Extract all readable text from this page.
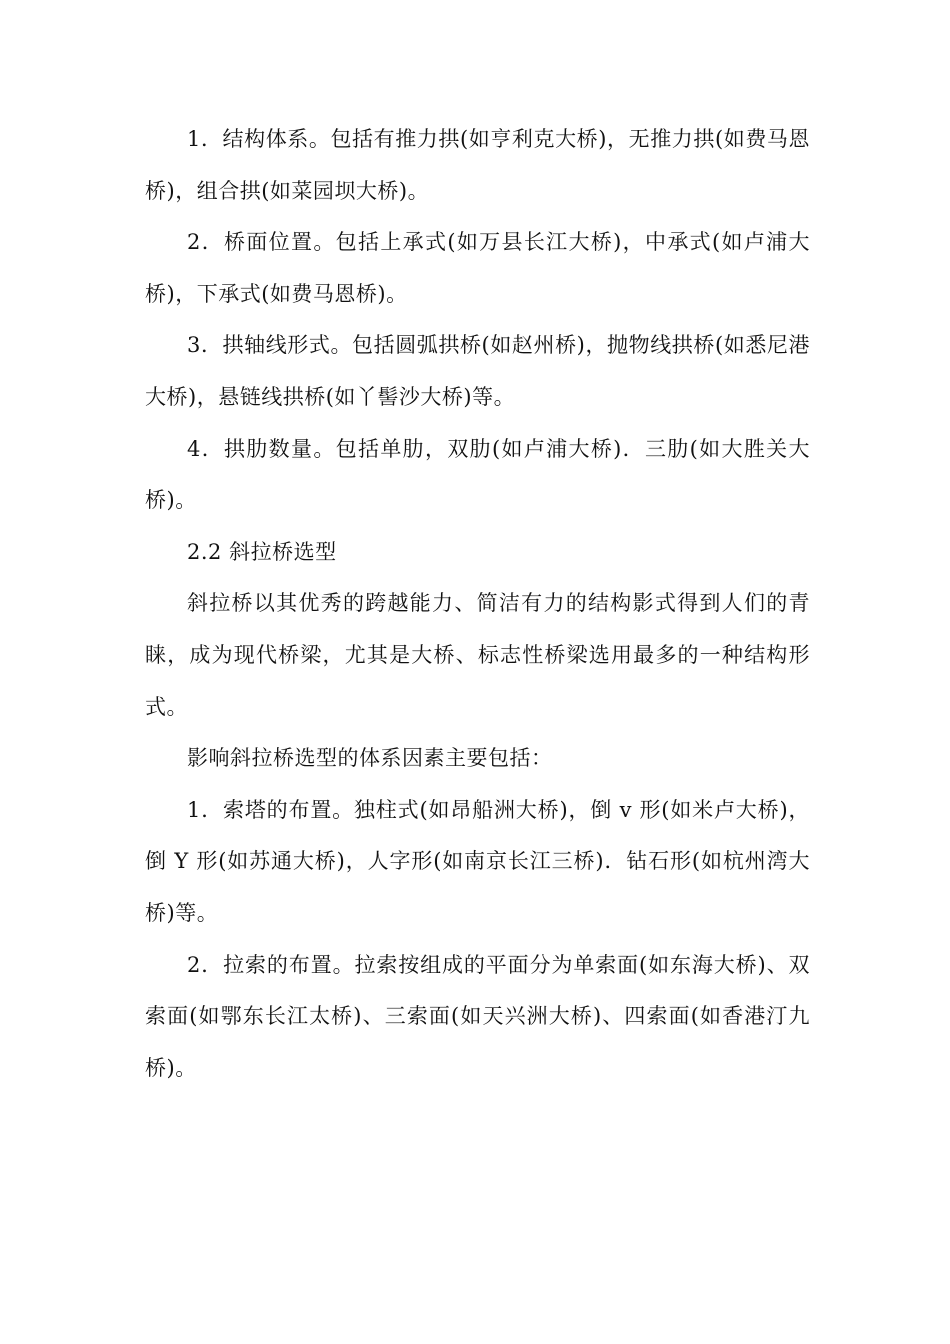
1．结构体系。包括有推力拱(如亨利克大桥)，无推力拱(如费马恩桥)，组合拱(如菜园坝大桥)。

2．桥面位置。包括上承式(如万县长江大桥)，中承式(如卢浦大桥)，下承式(如费马恩桥)。

3．拱轴线形式。包括圆弧拱桥(如赵州桥)，抛物线拱桥(如悉尼港大桥)，悬链线拱桥(如丫髻沙大桥)等。

4．拱肋数量。包括单肋，双肋(如卢浦大桥)．三肋(如大胜关大桥)。

2.2 斜拉桥选型

斜拉桥以其优秀的跨越能力、简洁有力的结构影式得到人们的青睐，成为现代桥梁，尤其是大桥、标志性桥梁选用最多的一种结构形式。

影响斜拉桥选型的体系因素主要包括：

1．索塔的布置。独柱式(如昂船洲大桥)，倒 v 形(如米卢大桥)，倒 Y 形(如苏通大桥)，人字形(如南京长江三桥)．钻石形(如杭州湾大桥)等。

2．拉索的布置。拉索按组成的平面分为单索面(如东海大桥)、双索面(如鄂东长江太桥)、三索面(如天兴洲大桥)、四索面(如香港汀九桥)。
